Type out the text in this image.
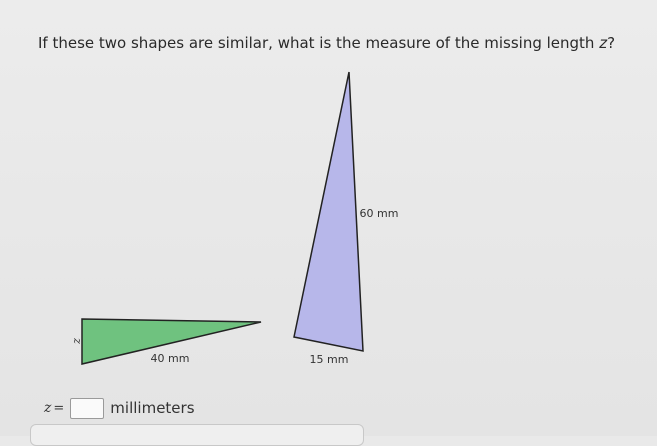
If these two shapes are similar, what is the measure of the missing length z?
z
40 mm
60 mm
15 mm
z =	millimeters
